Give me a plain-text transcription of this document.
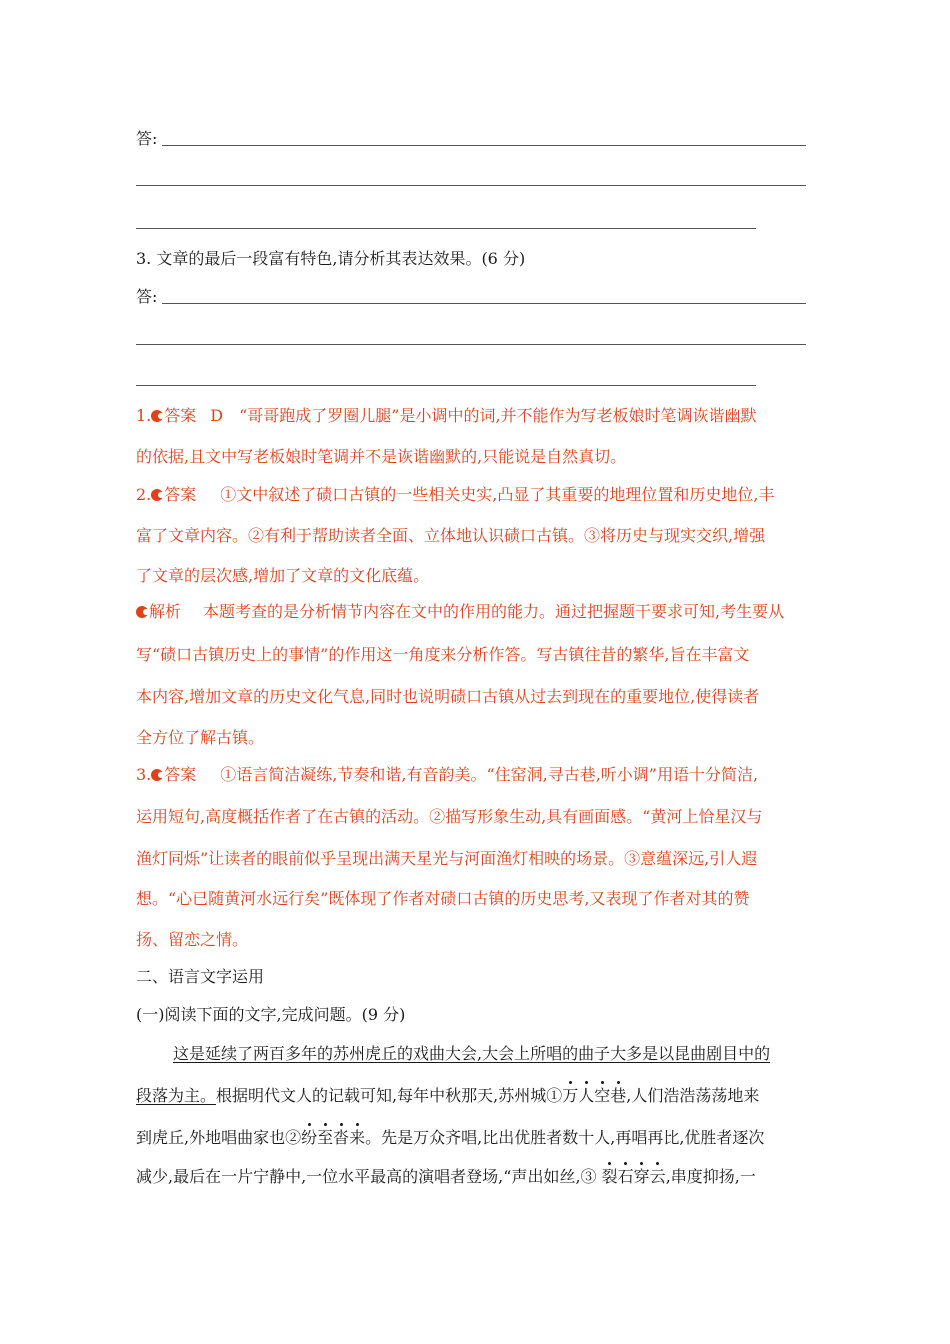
答:
3. 文章的最后一段富有特色,请分析其表达效果。(6 分)
答:
1. 答案 D　“哥哥跑成了罗圈儿腿”是小调中的词,并不能作为写老板娘时笔调诙谐幽默
的依据,且文中写老板娘时笔调并不是诙谐幽默的,只能说是自然真切。
2. 答案 ①文中叙述了碛口古镇的一些相关史实,凸显了其重要的地理位置和历史地位,丰
富了文章内容。②有利于帮助读者全面、立体地认识碛口古镇。③将历史与现实交织,增强
了文章的层次感,增加了文章的文化底蕴。
解析 本题考查的是分析情节内容在文中的作用的能力。通过把握题干要求可知,考生要从
写“碛口古镇历史上的事情”的作用这一角度来分析作答。写古镇往昔的繁华,旨在丰富文
本内容,增加文章的历史文化气息,同时也说明碛口古镇从过去到现在的重要地位,使得读者
全方位了解古镇。
3. 答案 ①语言简洁凝练,节奏和谐,有音韵美。“住窑洞,寻古巷,听小调”用语十分简洁,
运用短句,高度概括作者了在古镇的活动。②描写形象生动,具有画面感。“黄河上恰星汉与
渔灯同烁”让读者的眼前似乎呈现出满天星光与河面渔灯相映的场景。③意蕴深远,引人遐
想。“心已随黄河水远行矣”既体现了作者对碛口古镇的历史思考,又表现了作者对其的赞
扬、留恋之情。
二、语言文字运用
(一)阅读下面的文字,完成问题。(9 分)
这是延续了两百多年的苏州虎丘的戏曲大会,大会上所唱的曲子大多是以昆曲剧目中的
段落为主。根据明代文人的记载可知,每年中秋那天,苏州城①万人空巷,人们浩浩荡荡地来
到虎丘,外地唱曲家也②纷至沓来。先是万众齐唱,比出优胜者数十人,再唱再比,优胜者逐次
减少,最后在一片宁静中,一位水平最高的演唱者登场,“声出如丝,③ 裂石穿云,串度抑扬,一
